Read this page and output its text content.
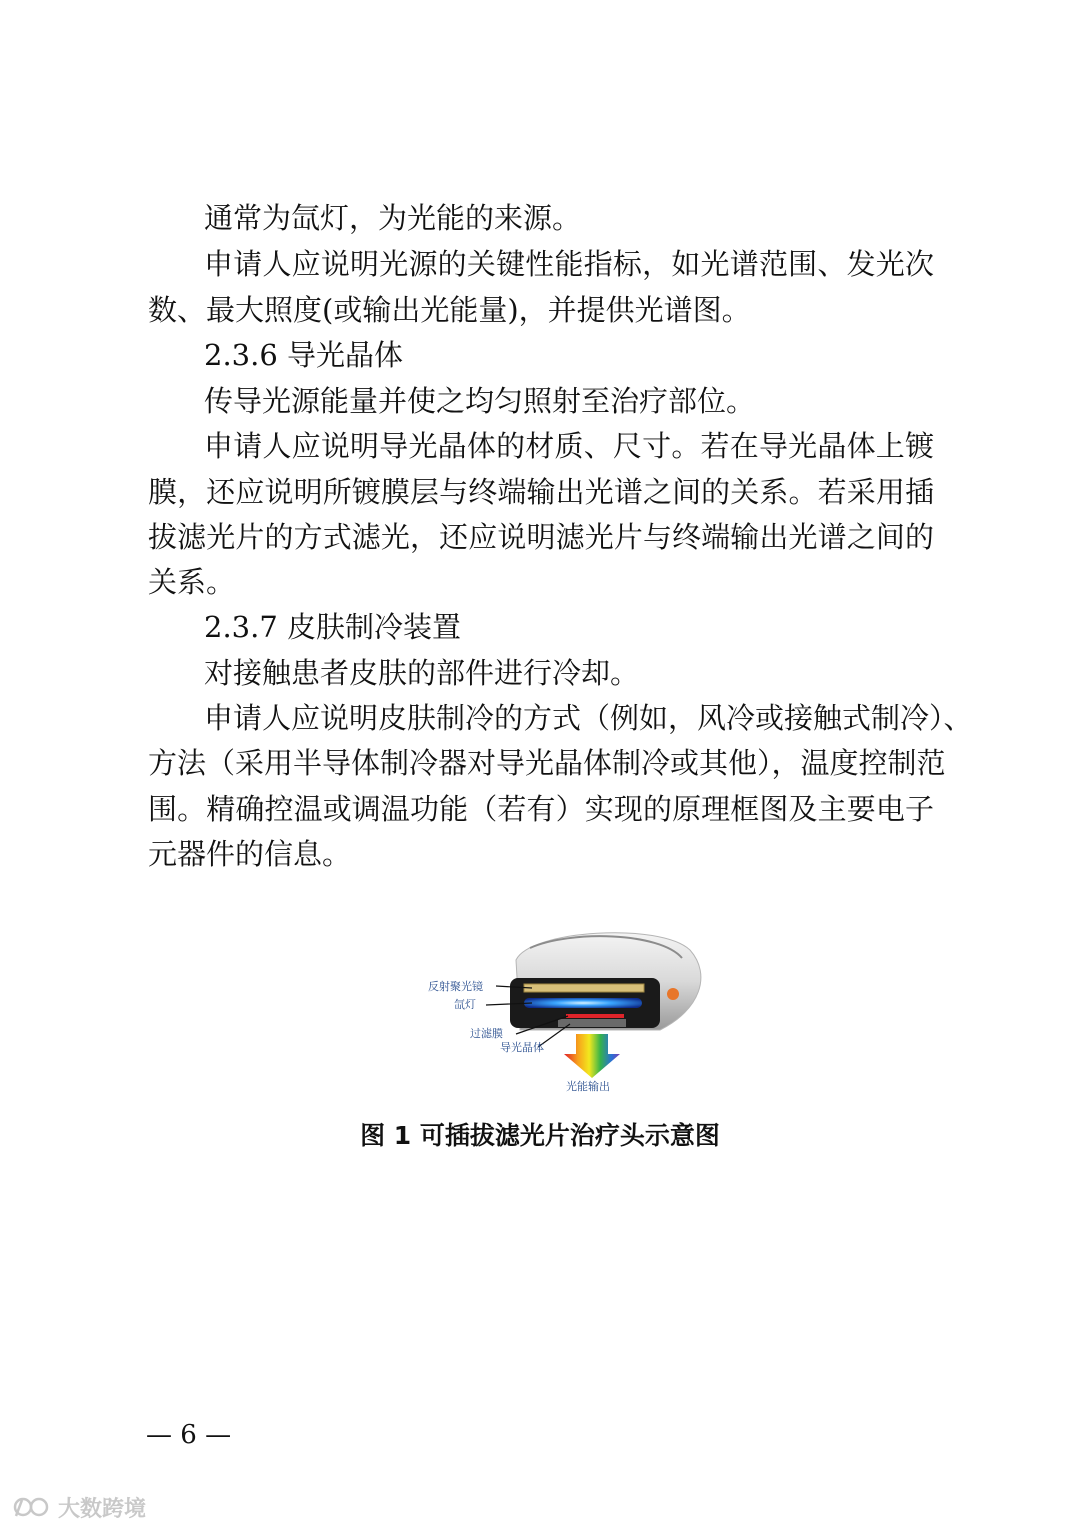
通常为氙灯，为光能的来源。
申请人应说明光源的关键性能指标，如光谱范围、发光次
数、最大照度(或输出光能量)，并提供光谱图。
2.3.6 导光晶体
传导光源能量并使之均匀照射至治疗部位。
申请人应说明导光晶体的材质、尺寸。若在导光晶体上镀
膜，还应说明所镀膜层与终端输出光谱之间的关系。若采用插
拔滤光片的方式滤光，还应说明滤光片与终端输出光谱之间的
关系。
2.3.7 皮肤制冷装置
对接触患者皮肤的部件进行冷却。
申请人应说明皮肤制冷的方式（例如，风冷或接触式制冷）、
方法（采用半导体制冷器对导光晶体制冷或其他），温度控制范
围。精确控温或调温功能（若有）实现的原理框图及主要电子
元器件的信息。
反射聚光镜
氙灯
过滤膜
导光晶体
光能输出
图 1 可插拔滤光片治疗头示意图
— 6 —
大数跨境
